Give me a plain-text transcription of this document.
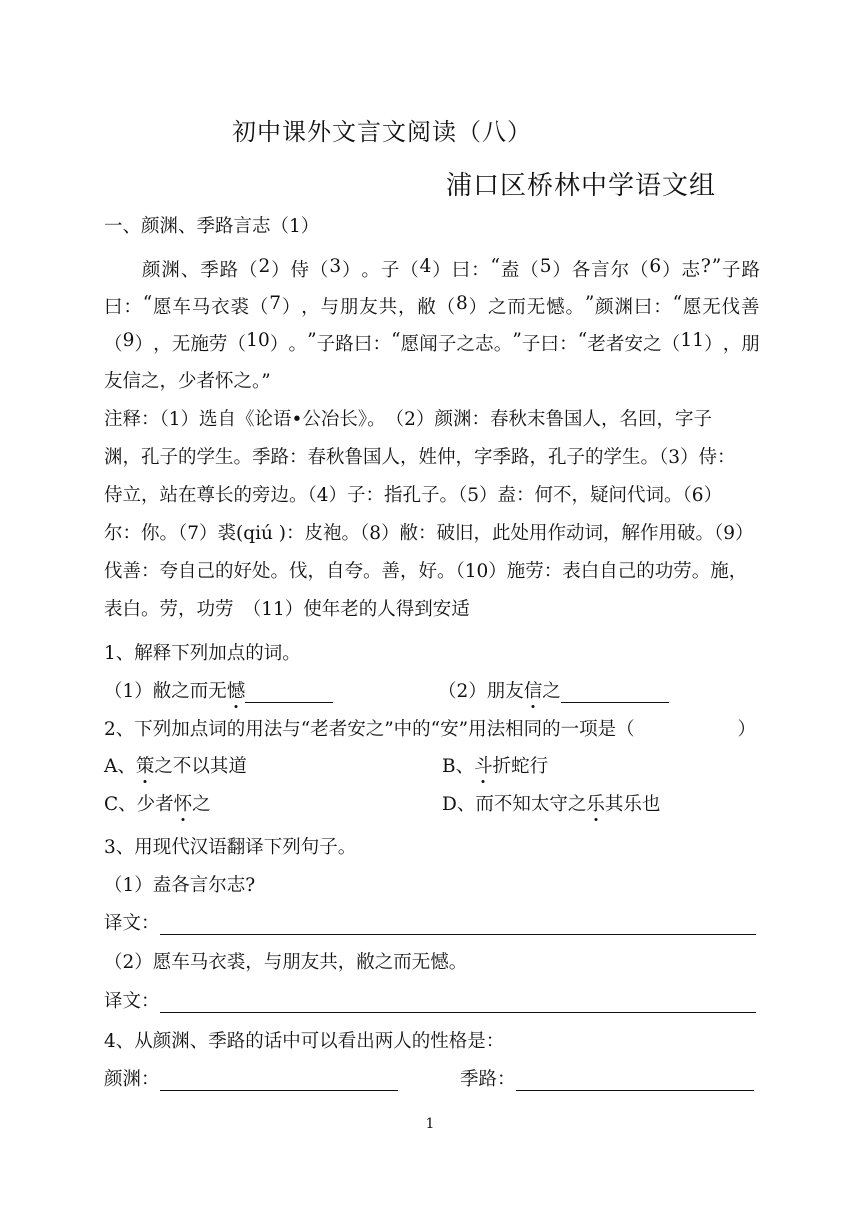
初中课外文言文阅读（八）
浦口区桥林中学语文组
一、颜渊、季路言志（1）
颜 渊 、 季 路 （ 2 ） 侍 （ 3 ） 。 子 （ 4 ） 曰 ： “ 盍 （ 5 ） 各 言 尔 （ 6 ） 志 ? ” 子 路
曰 ： “ 愿 车 马 衣 裘 （ 7 ） ， 与 朋 友 共 ， 敝 （ 8 ） 之 而 无 憾 。 ” 颜 渊 曰 ： “ 愿 无 伐 善
（ 9 ） ， 无 施 劳 （ 1 0 ） 。 ” 子 路 曰 ： “ 愿 闻 子 之 志 。 ” 子 曰 ： “ 老 者 安 之 （ 1 1 ） ， 朋
友信之，少者怀之。”
注释：（1）选自《论语•公冶长》。　（2）颜渊：春秋末鲁国人，名回，字子
渊，孔子的学生。季路：春秋鲁国人，姓仲，字季路，孔子的学生。（3）侍：
侍立，站在尊长的旁边。（4）子：指孔子。（5）盍：何不，疑问代词。（6）
尔：你。（7）裘(qiú )：皮袍。（8）敝：破旧，此处用作动词，解作用破。（9）
伐善：夸自己的好处。伐，自夸。善，好。（10）施劳：表白自己的功劳。施，
表白。劳，功劳　（11）使年老的人得到安适
1、解释下列加点的词。
（1）敝之而无憾	（2）朋友信之
2、下列加点词的用法与“老者安之”中的“安”用法相同的一项是（	）
A、策之不以其道	B、斗折蛇行
C、少者怀之	D、而不知太守之乐其乐也
3、用现代汉语翻译下列句子。
（1）盍各言尔志?
译文：
（2）愿车马衣裘，与朋友共，敝之而无憾。
译文：
4、从颜渊、季路的话中可以看出两人的性格是：
颜渊：	季路：
1
